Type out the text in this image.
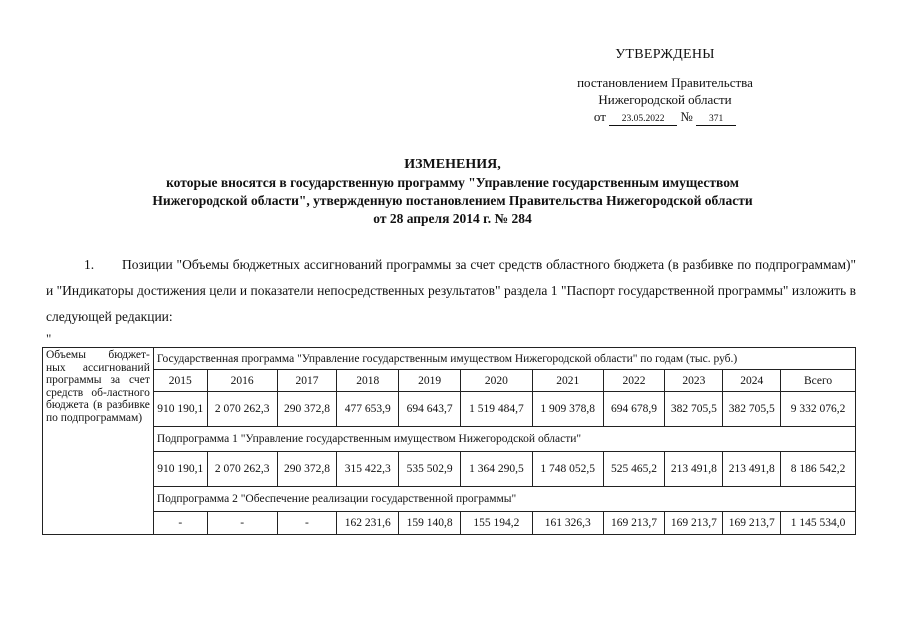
УТВЕРЖДЕНЫ
постановлением Правительства
Нижегородской области
от 23.05.2022 № 371
ИЗМЕНЕНИЯ,
которые вносятся в государственную программу "Управление государственным имуществом
Нижегородской области", утвержденную постановлением Правительства Нижегородской области
от 28 апреля 2014 г. № 284
1. Позиции "Объемы бюджетных ассигнований программы за счет средств областного бюджета (в разбивке по подпрограммам)" и "Индикаторы достижения цели и показатели непосредственных результатов" раздела 1 "Паспорт государственной программы" изложить в следующей редакции:
"
Объемы бюджет-ных ассигнований программы за счет средств об-ластного бюджета (в разбивке по подпрограммам)	Государственная программа "Управление государственным имуществом Нижегородской области" по годам (тыс. руб.)										
	2015	2016	2017	2018	2019	2020	2021	2022	2023	2024	Всего
	910 190,1	2 070 262,3	290 372,8	477 653,9	694 643,7	1 519 484,7	1 909 378,8	694 678,9	382 705,5	382 705,5	9 332 076,2
	Подпрограмма 1 "Управление государственным имуществом Нижегородской области"										
	910 190,1	2 070 262,3	290 372,8	315 422,3	535 502,9	1 364 290,5	1 748 052,5	525 465,2	213 491,8	213 491,8	8 186 542,2
	Подпрограмма 2 "Обеспечение реализации государственной программы"										
	-	-	-	162 231,6	159 140,8	155 194,2	161 326,3	169 213,7	169 213,7	169 213,7	1 145 534,0
